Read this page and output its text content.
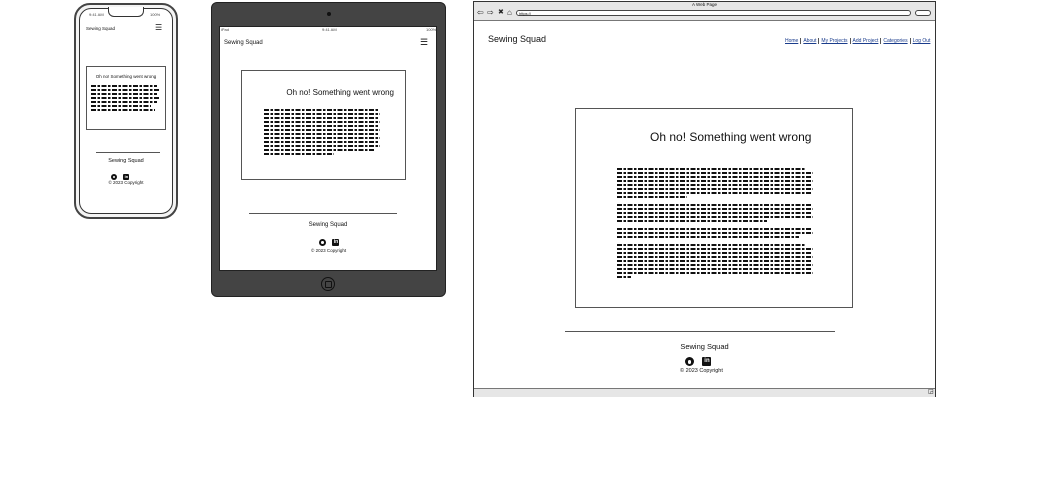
9:41 AM	100%
Sewing Squad	☰
Oh no! Something went wrong
Sewing Squad
in
© 2023 Copyright
iPad	9:41 AM	100%
Sewing Squad	☰
Oh no! Something went wrong
Sewing Squad
in
© 2023 Copyright
A Web Page
⇦ ⇨ ✖ ⌂	https://
Sewing Squad	Home About My Projects Add Project Categories Log Out
Oh no! Something went wrong
Sewing Squad
in
© 2023 Copyright
◲
